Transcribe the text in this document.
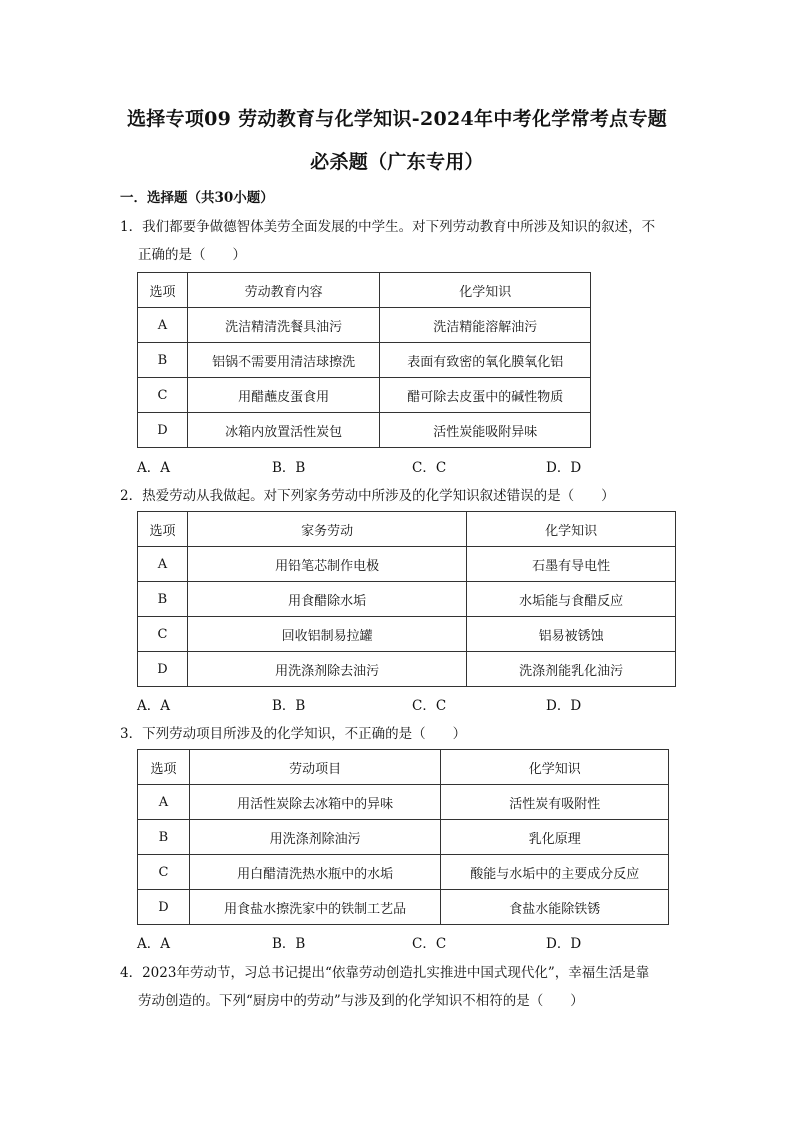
选择专项09 劳动教育与化学知识-2024年中考化学常考点专题
必杀题（广东专用）
一．选择题（共30小题）
1．我们都要争做德智体美劳全面发展的中学生。对下列劳动教育中所涉及知识的叙述，不
正确的是（　　）
选项	劳动教育内容	化学知识
A	洗洁精清洗餐具油污	洗洁精能溶解油污
B	铝锅不需要用清洁球擦洗	表面有致密的氧化膜氧化铝
C	用醋蘸皮蛋食用	醋可除去皮蛋中的碱性物质
D	冰箱内放置活性炭包	活性炭能吸附异味
A．A	B．B	C．C	D．D
2．热爱劳动从我做起。对下列家务劳动中所涉及的化学知识叙述错误的是（　　）
选项	家务劳动	化学知识
A	用铅笔芯制作电极	石墨有导电性
B	用食醋除水垢	水垢能与食醋反应
C	回收铝制易拉罐	铝易被锈蚀
D	用洗涤剂除去油污	洗涤剂能乳化油污
A．A	B．B	C．C	D．D
3．下列劳动项目所涉及的化学知识，不正确的是（　　）
选项	劳动项目	化学知识
A	用活性炭除去冰箱中的异味	活性炭有吸附性
B	用洗涤剂除油污	乳化原理
C	用白醋清洗热水瓶中的水垢	酸能与水垢中的主要成分反应
D	用食盐水擦洗家中的铁制工艺品	食盐水能除铁锈
A．A	B．B	C．C	D．D
4．2023年劳动节，习总书记提出“依靠劳动创造扎实推进中国式现代化”，幸福生活是靠
劳动创造的。下列“厨房中的劳动”与涉及到的化学知识不相符的是（　　）
